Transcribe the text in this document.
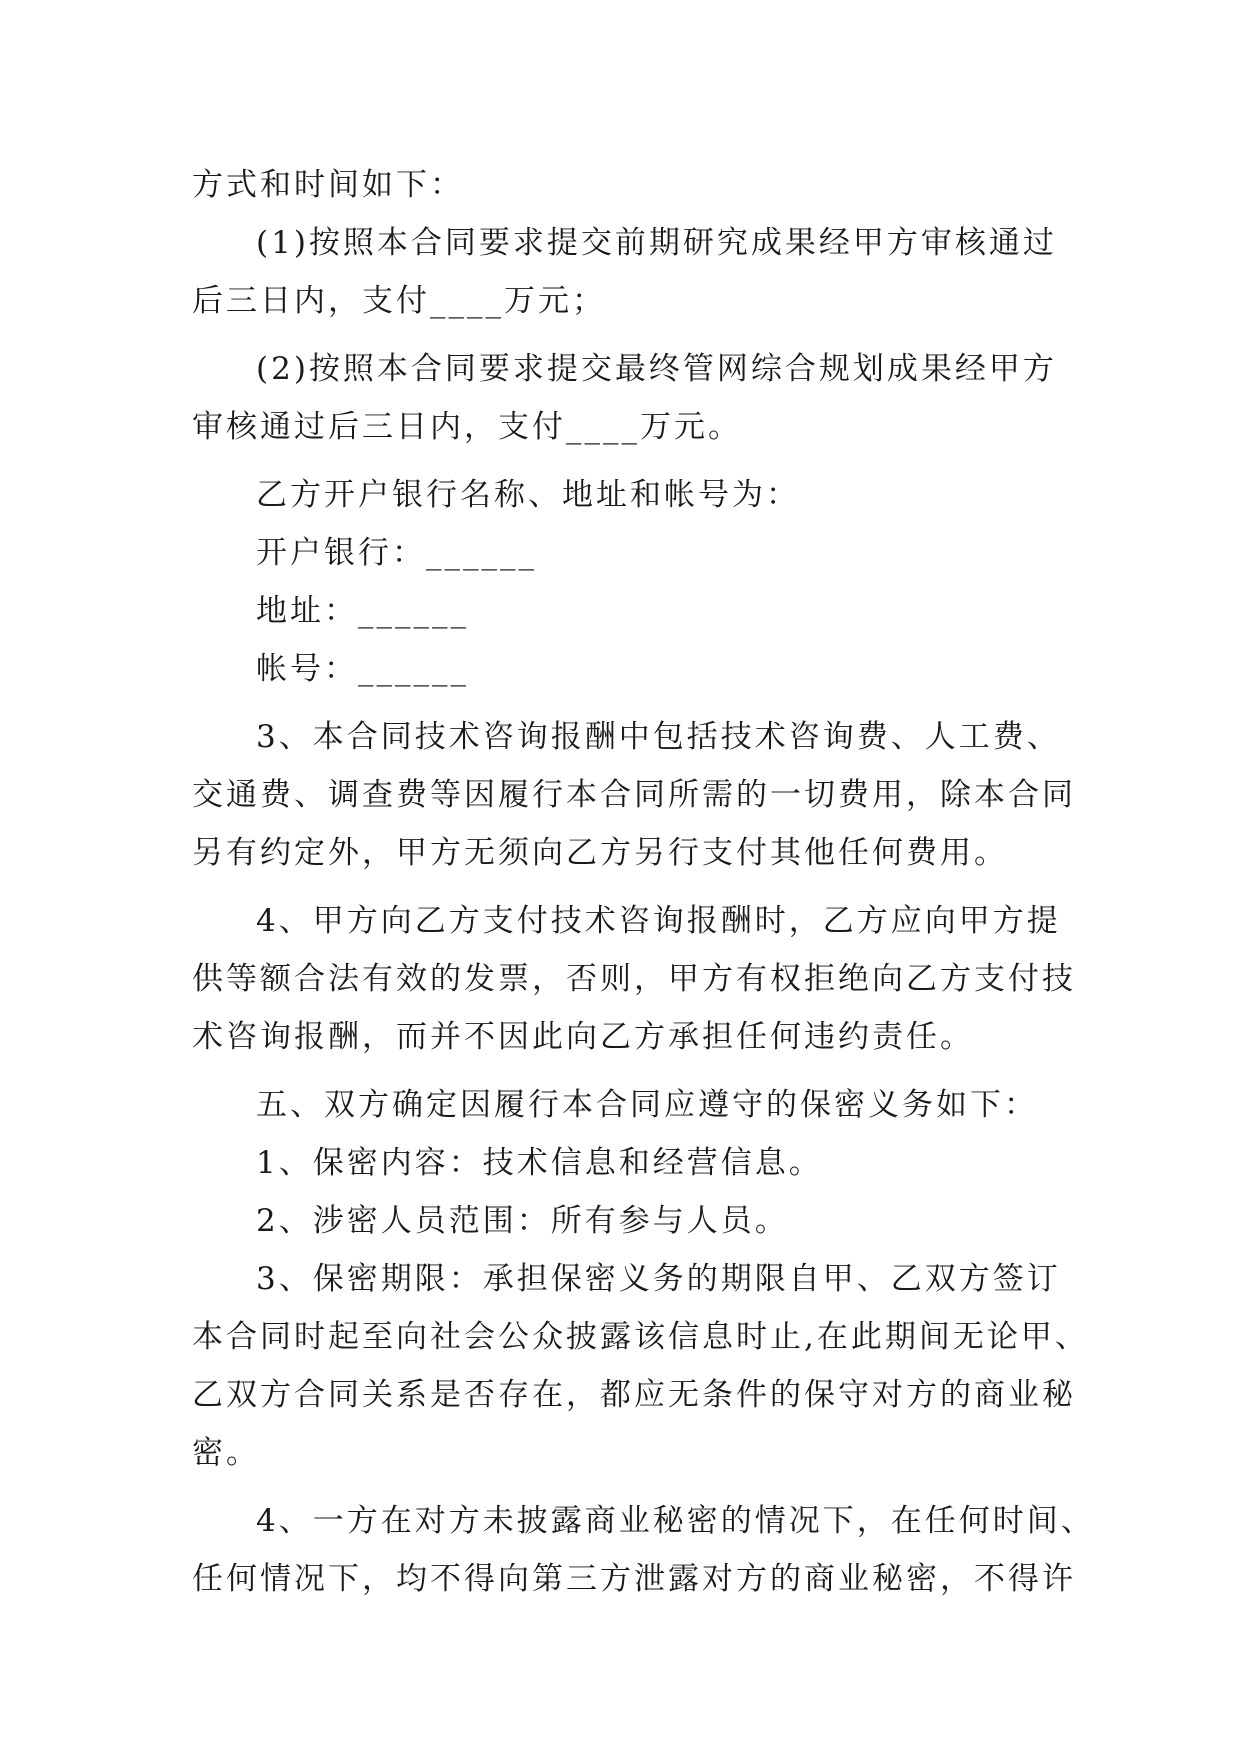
方式和时间如下：
(1)按照本合同要求提交前期研究成果经甲方审核通过
后三日内，支付____万元；
(2)按照本合同要求提交最终管网综合规划成果经甲方
审核通过后三日内，支付____万元。
乙方开户银行名称、地址和帐号为：
开户银行：______
地址：______
帐号：______
3、本合同技术咨询报酬中包括技术咨询费、人工费、
交通费、调查费等因履行本合同所需的一切费用，除本合同
另有约定外，甲方无须向乙方另行支付其他任何费用。
4、甲方向乙方支付技术咨询报酬时，乙方应向甲方提
供等额合法有效的发票，否则，甲方有权拒绝向乙方支付技
术咨询报酬，而并不因此向乙方承担任何违约责任。
五、双方确定因履行本合同应遵守的保密义务如下：
1、保密内容：技术信息和经营信息。
2、涉密人员范围：所有参与人员。
3、保密期限：承担保密义务的期限自甲、乙双方签订
本合同时起至向社会公众披露该信息时止,在此期间无论甲、
乙双方合同关系是否存在，都应无条件的保守对方的商业秘
密。
4、一方在对方未披露商业秘密的情况下，在任何时间、
任何情况下，均不得向第三方泄露对方的商业秘密，不得许
